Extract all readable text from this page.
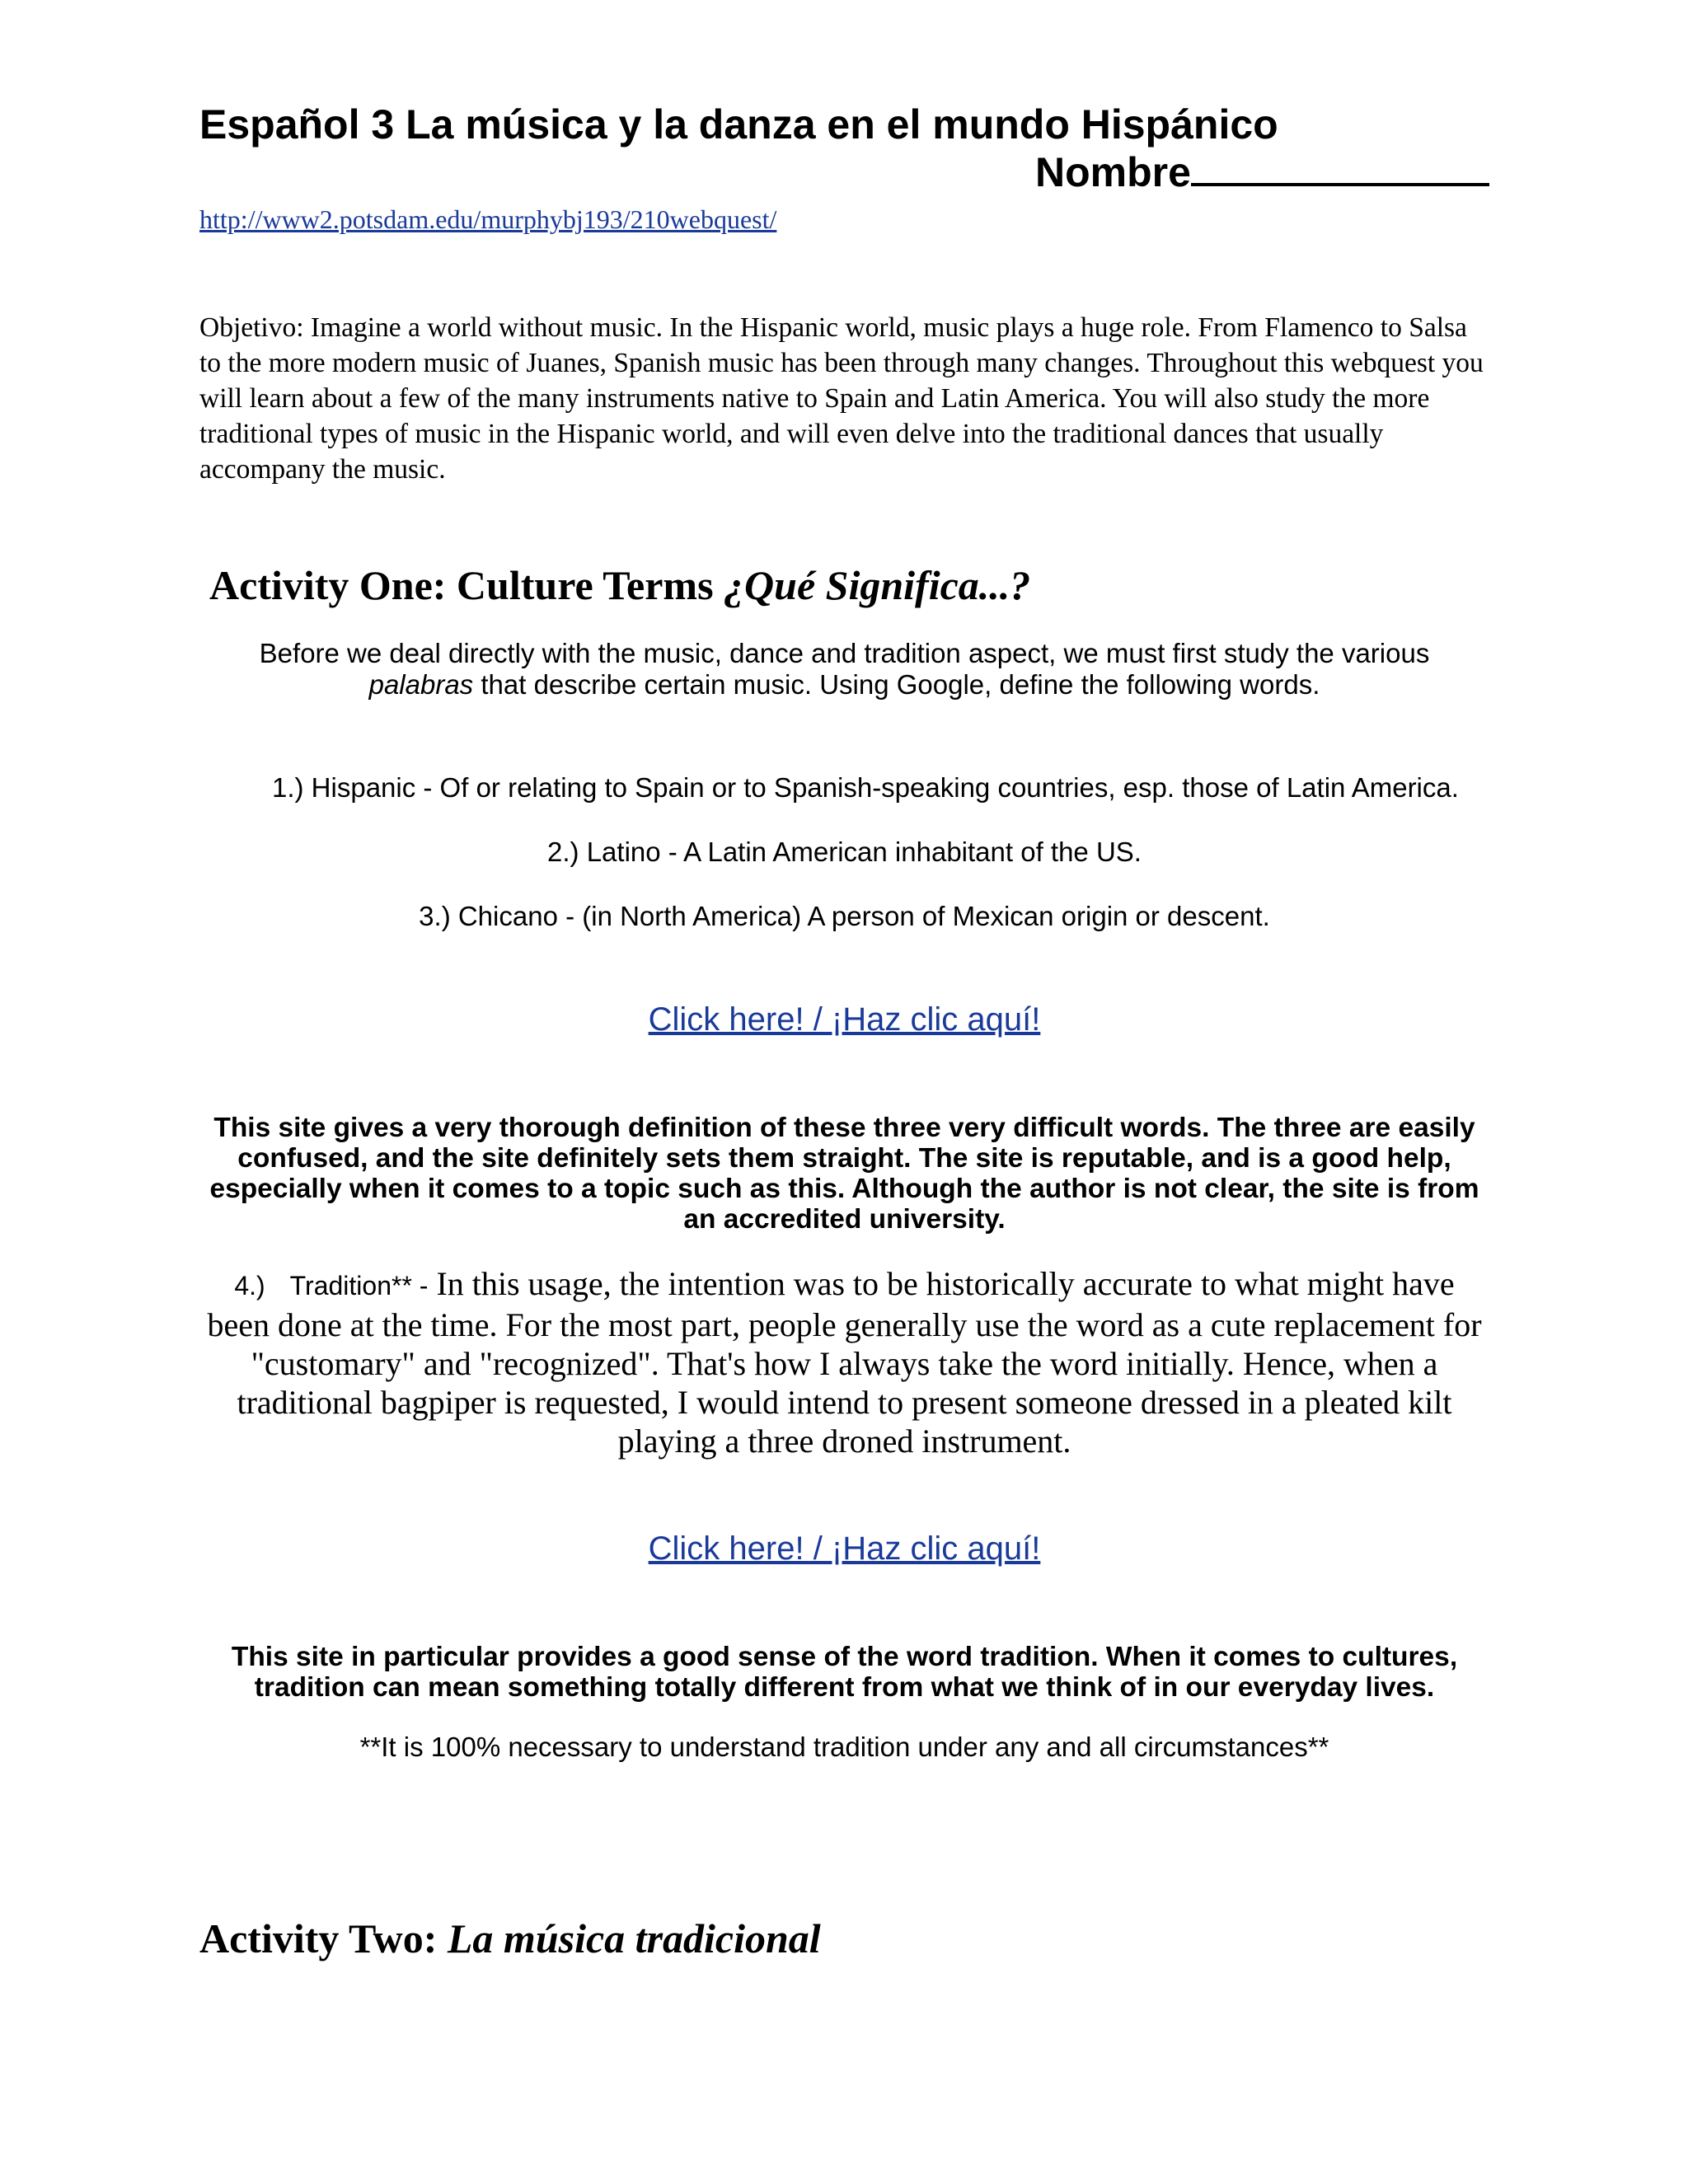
Español 3 La música y la danza en el mundo Hispánico
Nombre
http://www2.potsdam.edu/murphybj193/210webquest/

Objetivo: Imagine a world without music. In the Hispanic world, music plays a huge role. From Flamenco to Salsa to the more modern music of Juanes, Spanish music has been through many changes. Throughout this webquest you will learn about a few of the many instruments native to Spain and Latin America. You will also study the more traditional types of music in the Hispanic world, and will even delve into the traditional dances that usually accompany the music.

Activity One: Culture Terms ¿Qué Significa...?

Before we deal directly with the music, dance and tradition aspect, we must first study the various
palabras that describe certain music. Using Google, define the following words.

1.) Hispanic - Of or relating to Spain or to Spanish-speaking countries, esp. those of Latin America.
2.) Latino - A Latin American inhabitant of the US.
3.) Chicano - (in North America) A person of Mexican origin or descent.
Click here! / ¡Haz clic aquí!

This site gives a very thorough definition of these three very difficult words. The three are easily confused, and the site definitely sets them straight. The site is reputable, and is a good help, especially when it comes to a topic such as this. Although the author is not clear, the site is from an accredited university.

4.) Tradition** - In this usage, the intention was to be historically accurate to what might have been done at the time. For the most part, people generally use the word as a cute replacement for "customary" and "recognized". That's how I always take the word initially. Hence, when a traditional bagpiper is requested, I would intend to present someone dressed in a pleated kilt playing a three droned instrument.

Click here! / ¡Haz clic aquí!

This site in particular provides a good sense of the word tradition. When it comes to cultures, tradition can mean something totally different from what we think of in our everyday lives.

**It is 100% necessary to understand tradition under any and all circumstances**
Activity Two: La música tradicional
